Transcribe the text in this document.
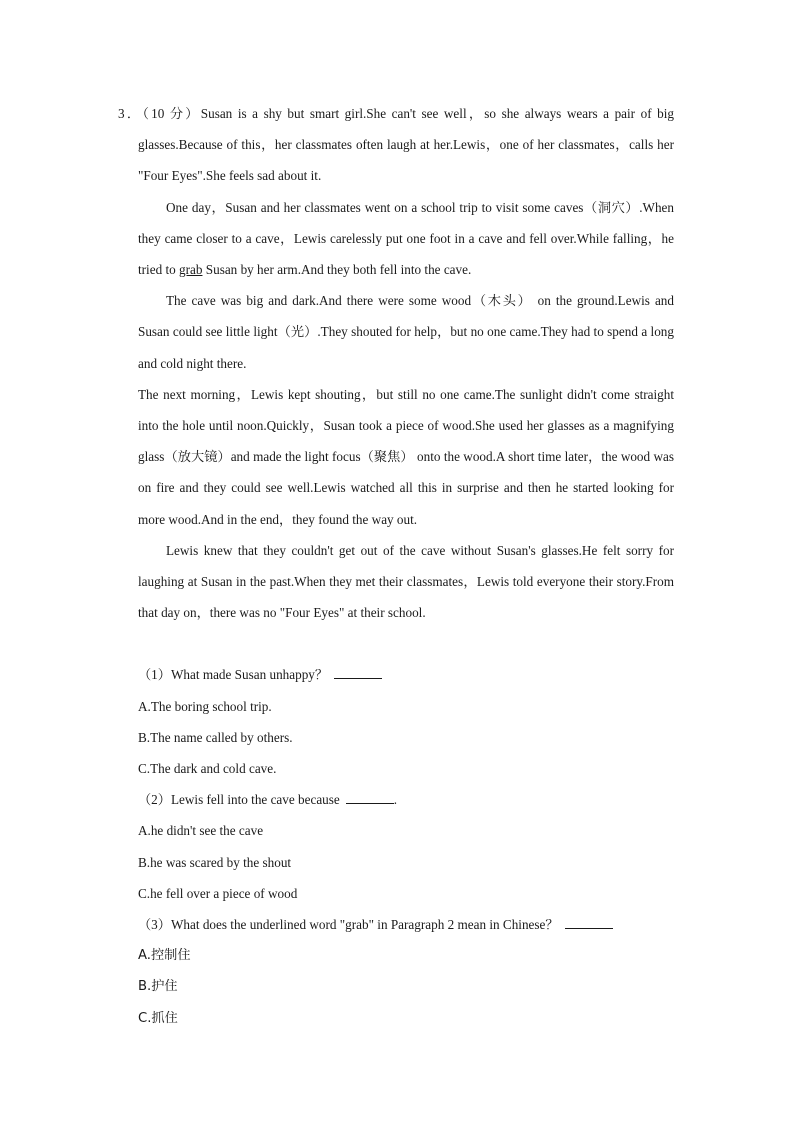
3．（10 分）Susan is a shy but smart girl.She can't see well，so she always wears a pair of big glasses.Because of this，her classmates often laugh at her.Lewis，one of her classmates，calls her "Four Eyes".She feels sad about it.

One day，Susan and her classmates went on a school trip to visit some caves（洞穴）.When they came closer to a cave，Lewis carelessly put one foot in a cave and fell over.While falling，he tried to grab Susan by her arm.And they both fell into the cave.

The cave was big and dark.And there were some wood（木头） on the ground.Lewis and Susan could see little light（光）.They shouted for help，but no one came.They had to spend a long and cold night there.

The next morning，Lewis kept shouting，but still no one came.The sunlight didn't come straight into the hole until noon.Quickly，Susan took a piece of wood.She used her glasses as a magnifying glass（放大镜）and made the light focus（聚焦） onto the wood.A short time later，the wood was on fire and they could see well.Lewis watched all this in surprise and then he started looking for more wood.And in the end，they found the way out.

Lewis knew that they couldn't get out of the cave without Susan's glasses.He felt sorry for laughing at Susan in the past.When they met their classmates，Lewis told everyone their story.From that day on，there was no "Four Eyes" at their school.

（1）What made Susan unhappy？

A.The boring school trip.

B.The name called by others.

C.The dark and cold cave.

（2）Lewis fell into the cave because	.

A.he didn't see the cave

B.he was scared by the shout

C.he fell over a piece of wood

（3）What does the underlined word "grab" in Paragraph 2 mean in Chinese？

A.控制住

B.护住

C.抓住
